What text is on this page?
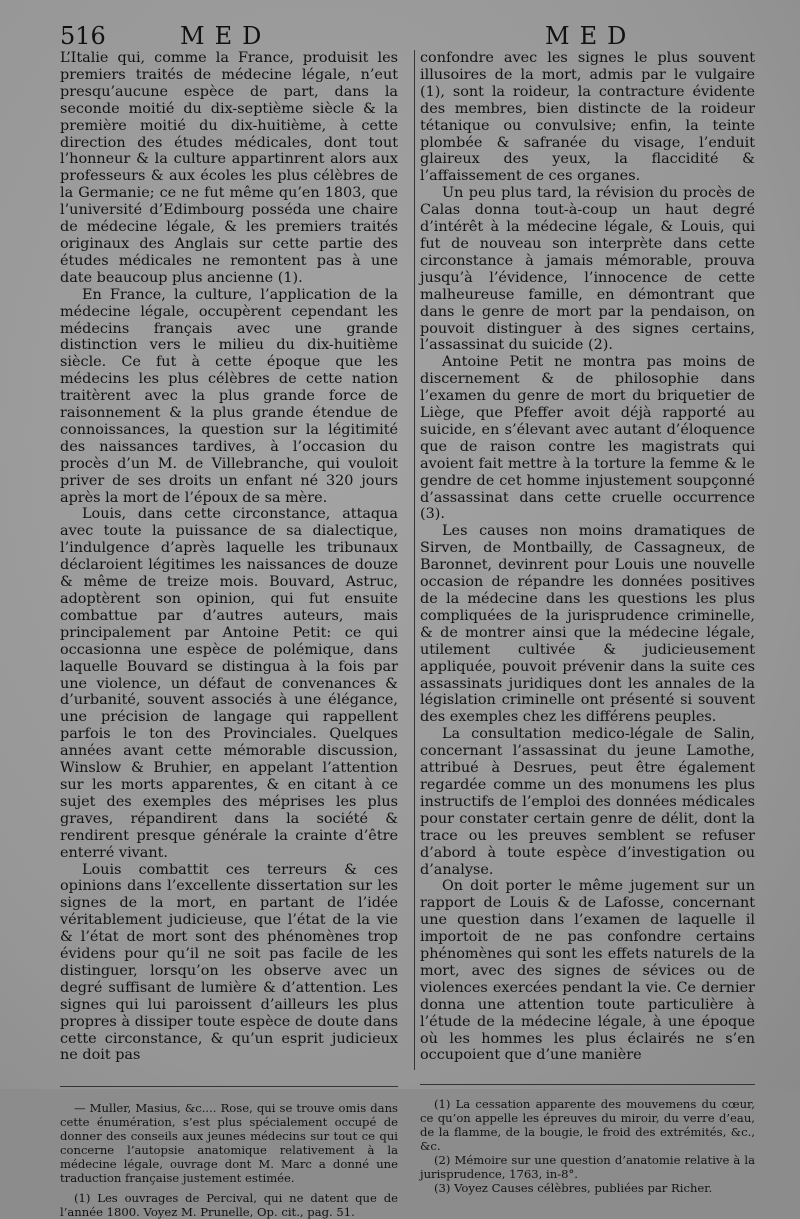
516	MED	MED

L’Italie qui, comme la France, produisit les premiers traités de médecine légale, n’eut presqu’aucune espèce de part, dans la seconde moitié du dix-septième siècle & la première moitié du dix-huitième, à cette direction des études médicales, dont tout l’honneur & la culture appartinrent alors aux professeurs & aux écoles les plus célèbres de la Germanie; ce ne fut même qu’en 1803, que l’université d’Edimbourg posséda une chaire de médecine légale, & les premiers traités originaux des Anglais sur cette partie des études médicales ne remontent pas à une date beaucoup plus ancienne (1).

En France, la culture, l’application de la médecine légale, occupèrent cependant les médecins français avec une grande distinction vers le milieu du dix-huitième siècle. Ce fut à cette époque que les médecins les plus célèbres de cette nation traitèrent avec la plus grande force de raisonnement & la plus grande étendue de connoissances, la question sur la légitimité des naissances tardives, à l’occasion du procès d’un M. de Villebranche, qui vouloit priver de ses droits un enfant né 320 jours après la mort de l’époux de sa mère.

Louis, dans cette circonstance, attaqua avec toute la puissance de sa dialectique, l’indulgence d’après laquelle les tribunaux déclaroient légitimes les naissances de douze & même de treize mois. Bouvard, Astruc, adoptèrent son opinion, qui fut ensuite combattue par d’autres auteurs, mais principalement par Antoine Petit: ce qui occasionna une espèce de polémique, dans laquelle Bouvard se distingua à la fois par une violence, un défaut de convenances & d’urbanité, souvent associés à une élégance, une précision de langage qui rappellent parfois le ton des Provinciales. Quelques années avant cette mémorable discussion, Winslow & Bruhier, en appelant l’attention sur les morts apparentes, & en citant à ce sujet des exemples des méprises les plus graves, répandirent dans la société & rendirent presque générale la crainte d’être enterré vivant.

Louis combattit ces terreurs & ces opinions dans l’excellente dissertation sur les signes de la mort, en partant de l’idée véritablement judicieuse, que l’état de la vie & l’état de mort sont des phénomènes trop évidens pour qu’il ne soit pas facile de les distinguer, lorsqu’on les observe avec un degré suffisant de lumière & d’attention. Les signes qui lui paroissent d’ailleurs les plus propres à dissiper toute espèce de doute dans cette circonstance, & qu’un esprit judicieux ne doit pas

— Muller, Masius, &c.... Rose, qui se trouve omis dans cette énumération, s’est plus spécialement occupé de donner des conseils aux jeunes médecins sur tout ce qui concerne l’autopsie anatomique relativement à la médecine légale, ouvrage dont M. Marc a donné une traduction française justement estimée.

(1) Les ouvrages de Percival, qui ne datent que de l’année 1800. Voyez M. Prunelle, Op. cit., pag. 51.

confondre avec les signes le plus souvent illusoires de la mort, admis par le vulgaire (1), sont la roideur, la contracture évidente des membres, bien distincte de la roideur tétanique ou convulsive; enfin, la teinte plombée & safranée du visage, l’enduit glaireux des yeux, la flaccidité & l’affaissement de ces organes.

Un peu plus tard, la révision du procès de Calas donna tout-à-coup un haut degré d’intérêt à la médecine légale, & Louis, qui fut de nouveau son interprète dans cette circonstance à jamais mémorable, prouva jusqu’à l’évidence, l’innocence de cette malheureuse famille, en démontrant que dans le genre de mort par la pendaison, on pouvoit distinguer à des signes certains, l’assassinat du suicide (2).

Antoine Petit ne montra pas moins de discernement & de philosophie dans l’examen du genre de mort du briquetier de Liège, que Pfeffer avoit déjà rapporté au suicide, en s’élevant avec autant d’éloquence que de raison contre les magistrats qui avoient fait mettre à la torture la femme & le gendre de cet homme injustement soupçonné d’assassinat dans cette cruelle occurrence (3).

Les causes non moins dramatiques de Sirven, de Montbailly, de Cassagneux, de Baronnet, devinrent pour Louis une nouvelle occasion de répandre les données positives de la médecine dans les questions les plus compliquées de la jurisprudence criminelle, & de montrer ainsi que la médecine légale, utilement cultivée & judicieusement appliquée, pouvoit prévenir dans la suite ces assassinats juridiques dont les annales de la législation criminelle ont présenté si souvent des exemples chez les différens peuples.

La consultation medico-légale de Salin, concernant l’assassinat du jeune Lamothe, attribué à Desrues, peut être également regardée comme un des monumens les plus instructifs de l’emploi des données médicales pour constater certain genre de délit, dont la trace ou les preuves semblent se refuser d’abord à toute espèce d’investigation ou d’analyse.

On doit porter le même jugement sur un rapport de Louis & de Lafosse, concernant une question dans l’examen de laquelle il importoit de ne pas confondre certains phénomènes qui sont les effets naturels de la mort, avec des signes de sévices ou de violences exercées pendant la vie. Ce dernier donna une attention toute particulière à l’étude de la médecine légale, à une époque où les hommes les plus éclairés ne s’en occupoient que d’une manière

(1) La cessation apparente des mouvemens du cœur, ce qu’on appelle les épreuves du miroir, du verre d’eau, de la flamme, de la bougie, le froid des extrémités, &c., &c.

(2) Mémoire sur une question d’anatomie relative à la jurisprudence, 1763, in-8°.

(3) Voyez Causes célèbres, publiées par Richer.
